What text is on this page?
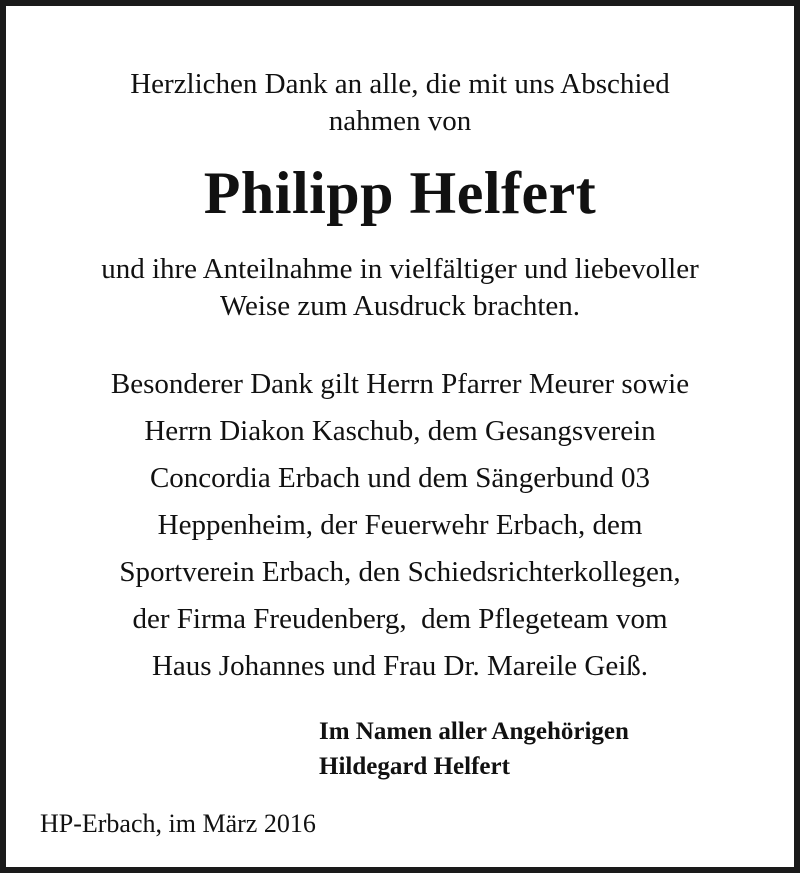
Herzlichen Dank an alle, die mit uns Abschied
nahmen von
Philipp Helfert
und ihre Anteilnahme in vielfältiger und liebevoller
Weise zum Ausdruck brachten.
Besonderer Dank gilt Herrn Pfarrer Meurer sowie
Herrn Diakon Kaschub, dem Gesangsverein
Concordia Erbach und dem Sängerbund 03
Heppenheim, der Feuerwehr Erbach, dem
Sportverein Erbach, den Schiedsrichterkollegen,
der Firma Freudenberg,  dem Pflegeteam vom
Haus Johannes und Frau Dr. Mareile Geiß.
Im Namen aller Angehörigen
Hildegard Helfert
HP-Erbach, im März 2016
